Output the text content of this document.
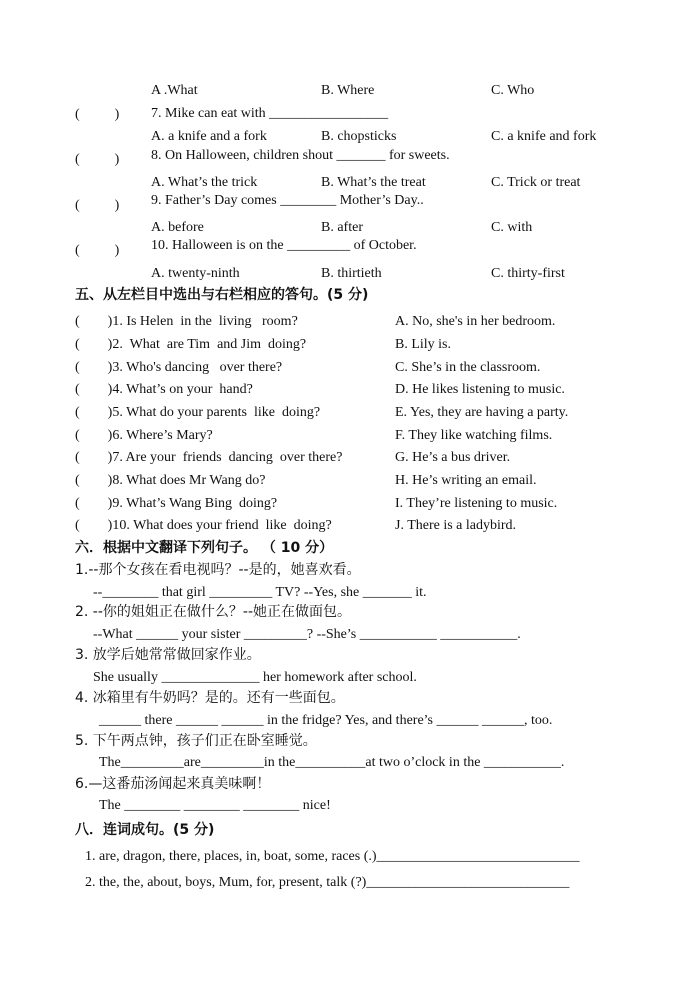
A .What	B. Where	C. Who
(          ) 7. Mike can eat with _________________
A. a knife and a fork	B. chopsticks	C. a knife and fork
(          ) 8. On Halloween, children shout _______ for sweets.
A. What’s the trick	B. What’s the treat	C. Trick or treat
(          ) 9. Father’s Day comes ________ Mother’s Day..
A. before	B. after	C. with
(          ) 10. Halloween is on the _________ of October.
A. twenty-ninth	B. thirtieth	C. thirty-first
五、从左栏目中选出与右栏相应的答句。(5 分)
(        )1. Is Helen  in the  living   room?	A. No, she's in her bedroom.
(        )2.  What  are Tim  and Jim  doing?	B. Lily is.
(        )3. Who's dancing   over there?	C. She’s in the classroom.
(        )4. What’s on your  hand?	D. He likes listening to music.
(        )5. What do your parents  like  doing?	E. Yes, they are having a party.
(        )6. Where’s Mary?	F. They like watching films.
(        )7. Are your  friends  dancing  over there?	G. He’s a bus driver.
(        )8. What does Mr Wang do?	H. He’s writing an email.
(        )9. What’s Wang Bing  doing?	I. They’re listening to music.
(        )10. What does your friend  like  doing?	J. There is a ladybird.
六．根据中文翻译下列句子。 （ 10 分）
1.--那个女孩在看电视吗？--是的，她喜欢看。
--________ that girl _________ TV? --Yes, she _______ it.
2. --你的姐姐正在做什么？--她正在做面包。
--What ______ your sister _________? --She’s ___________ ___________.
3. 放学后她常常做回家作业。
She usually ______________ her homework after school.
4. 冰箱里有牛奶吗？是的。还有一些面包。
______ there ______ ______ in the fridge? Yes, and there’s ______ ______, too.
5. 下午两点钟，孩子们正在卧室睡觉。
The_________are_________in the__________at two o’clock in the ___________.
6.—这番茄汤闻起来真美味啊！
The ________ ________ ________ nice!
八．连词成句。(5 分)
1. are, dragon, there, places, in, boat, some, races (.)_____________________________
2. the, the, about, boys, Mum, for, present, talk (?)_____________________________
